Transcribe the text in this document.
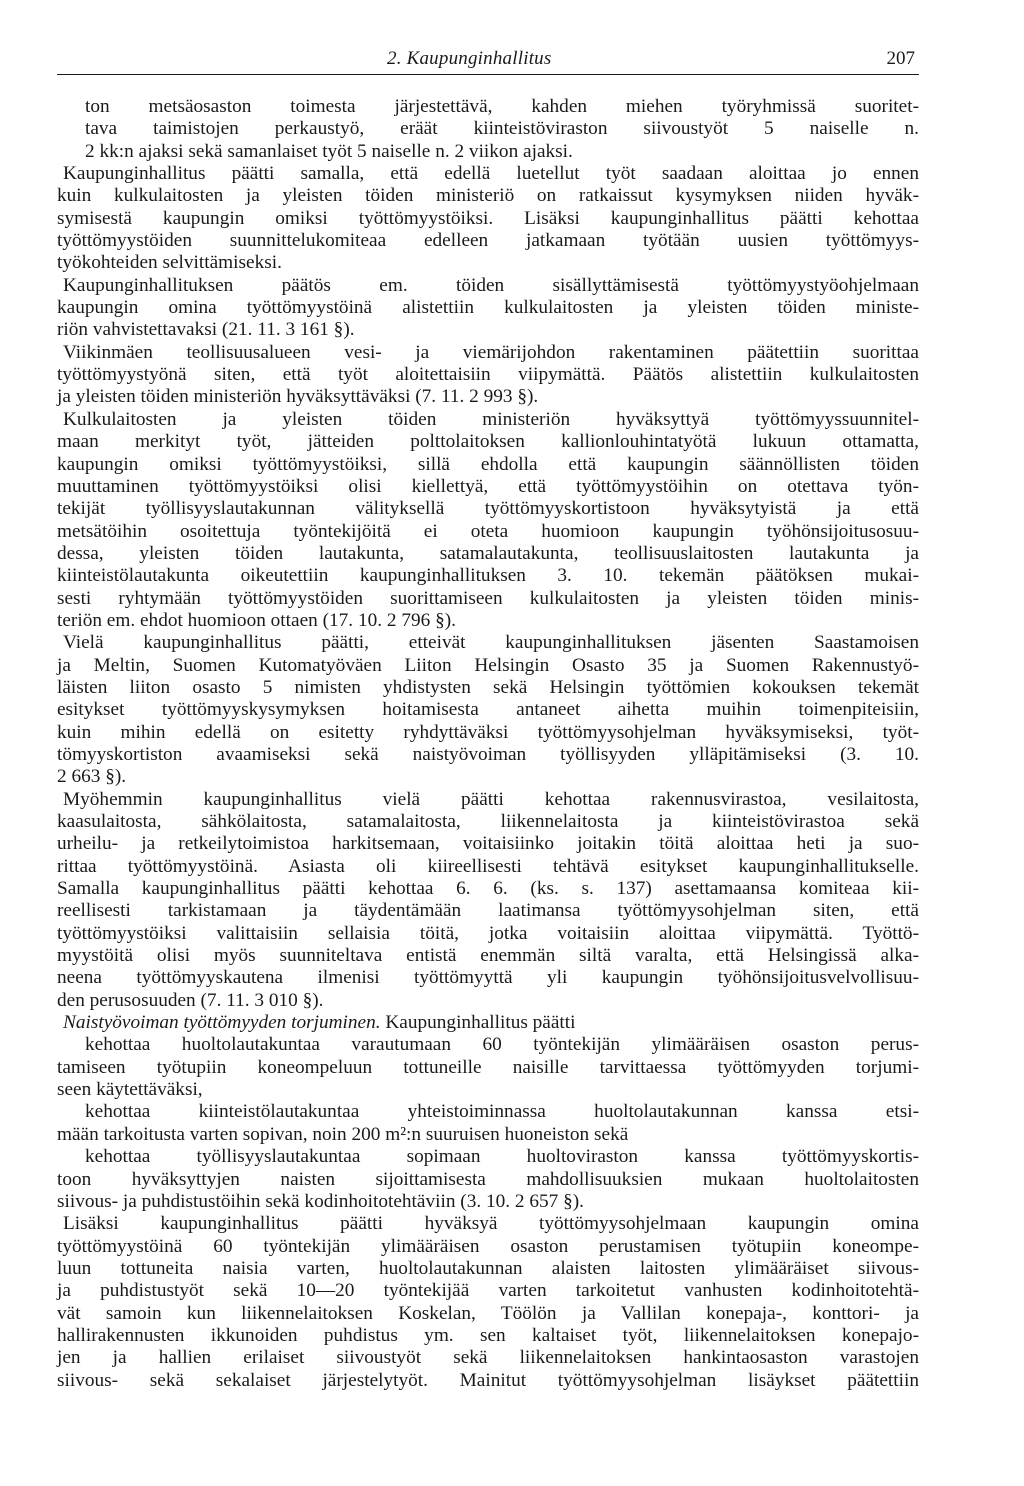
2. Kaupunginhallitus	207
ton metsäosaston toimesta järjestettävä, kahden miehen työryhmissä suoritet-
tava taimistojen perkaustyö, eräät kiinteistöviraston siivoustyöt 5 naiselle n.
2 kk:n ajaksi sekä samanlaiset työt 5 naiselle n. 2 viikon ajaksi.
Kaupunginhallitus päätti samalla, että edellä luetellut työt saadaan aloittaa jo ennen
kuin kulkulaitosten ja yleisten töiden ministeriö on ratkaissut kysymyksen niiden hyväk-
symisestä kaupungin omiksi työttömyystöiksi. Lisäksi kaupunginhallitus päätti kehottaa
työttömyystöiden suunnittelukomiteaa edelleen jatkamaan työtään uusien työttömyys-
työkohteiden selvittämiseksi.
Kaupunginhallituksen päätös em. töiden sisällyttämisestä työttömyystyöohjelmaan
kaupungin omina työttömyystöinä alistettiin kulkulaitosten ja yleisten töiden ministe-
riön vahvistettavaksi (21. 11. 3 161 §).
Viikinmäen teollisuusalueen vesi- ja viemärijohdon rakentaminen päätettiin suorittaa
työttömyystyönä siten, että työt aloitettaisiin viipymättä. Päätös alistettiin kulkulaitosten
ja yleisten töiden ministeriön hyväksyttäväksi (7. 11. 2 993 §).
Kulkulaitosten ja yleisten töiden ministeriön hyväksyttyä työttömyyssuunnitel-
maan merkityt työt, jätteiden polttolaitoksen kallionlouhintatyötä lukuun ottamatta,
kaupungin omiksi työttömyystöiksi, sillä ehdolla että kaupungin säännöllisten töiden
muuttaminen työttömyystöiksi olisi kiellettyä, että työttömyystöihin on otettava työn-
tekijät työllisyyslautakunnan välityksellä työttömyyskortistoon hyväksytyistä ja että
metsätöihin osoitettuja työntekijöitä ei oteta huomioon kaupungin työhönsijoitusosuu-
dessa, yleisten töiden lautakunta, satamalautakunta, teollisuuslaitosten lautakunta ja
kiinteistölautakunta oikeutettiin kaupunginhallituksen 3. 10. tekemän päätöksen mukai-
sesti ryhtymään työttömyystöiden suorittamiseen kulkulaitosten ja yleisten töiden minis-
teriön em. ehdot huomioon ottaen (17. 10. 2 796 §).
Vielä kaupunginhallitus päätti, etteivät kaupunginhallituksen jäsenten Saastamoisen
ja Meltin, Suomen Kutomatyöväen Liiton Helsingin Osasto 35 ja Suomen Rakennustyö-
läisten liiton osasto 5 nimisten yhdistysten sekä Helsingin työttömien kokouksen tekemät
esitykset työttömyyskysymyksen hoitamisesta antaneet aihetta muihin toimenpiteisiin,
kuin mihin edellä on esitetty ryhdyttäväksi työttömyysohjelman hyväksymiseksi, työt-
tömyyskortiston avaamiseksi sekä naistyövoiman työllisyyden ylläpitämiseksi (3. 10.
2 663 §).
Myöhemmin kaupunginhallitus vielä päätti kehottaa rakennusvirastoa, vesilaitosta,
kaasulaitosta, sähkölaitosta, satamalaitosta, liikennelaitosta ja kiinteistövirastoa sekä
urheilu- ja retkeilytoimistoa harkitsemaan, voitaisiinko joitakin töitä aloittaa heti ja suo-
rittaa työttömyystöinä. Asiasta oli kiireellisesti tehtävä esitykset kaupunginhallitukselle.
Samalla kaupunginhallitus päätti kehottaa 6. 6. (ks. s. 137) asettamaansa komiteaa kii-
reellisesti tarkistamaan ja täydentämään laatimansa työttömyysohjelman siten, että
työttömyystöiksi valittaisiin sellaisia töitä, jotka voitaisiin aloittaa viipymättä. Työttö-
myystöitä olisi myös suunniteltava entistä enemmän siltä varalta, että Helsingissä alka-
neena työttömyyskautena ilmenisi työttömyyttä yli kaupungin työhönsijoitusvelvollisuu-
den perusosuuden (7. 11. 3 010 §).
Naistyövoiman työttömyyden torjuminen. Kaupunginhallitus päätti
kehottaa huoltolautakuntaa varautumaan 60 työntekijän ylimääräisen osaston perus-
tamiseen työtupiin koneompeluun tottuneille naisille tarvittaessa työttömyyden torjumi-
seen käytettäväksi,
kehottaa kiinteistölautakuntaa yhteistoiminnassa huoltolautakunnan kanssa etsi-
mään tarkoitusta varten sopivan, noin 200 m²:n suuruisen huoneiston sekä
kehottaa työllisyyslautakuntaa sopimaan huoltoviraston kanssa työttömyyskortis-
toon hyväksyttyjen naisten sijoittamisesta mahdollisuuksien mukaan huoltolaitosten
siivous- ja puhdistustöihin sekä kodinhoitotehtäviin (3. 10. 2 657 §).
Lisäksi kaupunginhallitus päätti hyväksyä työttömyysohjelmaan kaupungin omina
työttömyystöinä 60 työntekijän ylimääräisen osaston perustamisen työtupiin koneompe-
luun tottuneita naisia varten, huoltolautakunnan alaisten laitosten ylimääräiset siivous-
ja puhdistustyöt sekä 10—20 työntekijää varten tarkoitetut vanhusten kodinhoitotehtä-
vät samoin kun liikennelaitoksen Koskelan, Töölön ja Vallilan konepaja-, konttori- ja
hallirakennusten ikkunoiden puhdistus ym. sen kaltaiset työt, liikennelaitoksen konepajo-
jen ja hallien erilaiset siivoustyöt sekä liikennelaitoksen hankintaosaston varastojen
siivous- sekä sekalaiset järjestelytyöt. Mainitut työttömyysohjelman lisäykset päätettiin
